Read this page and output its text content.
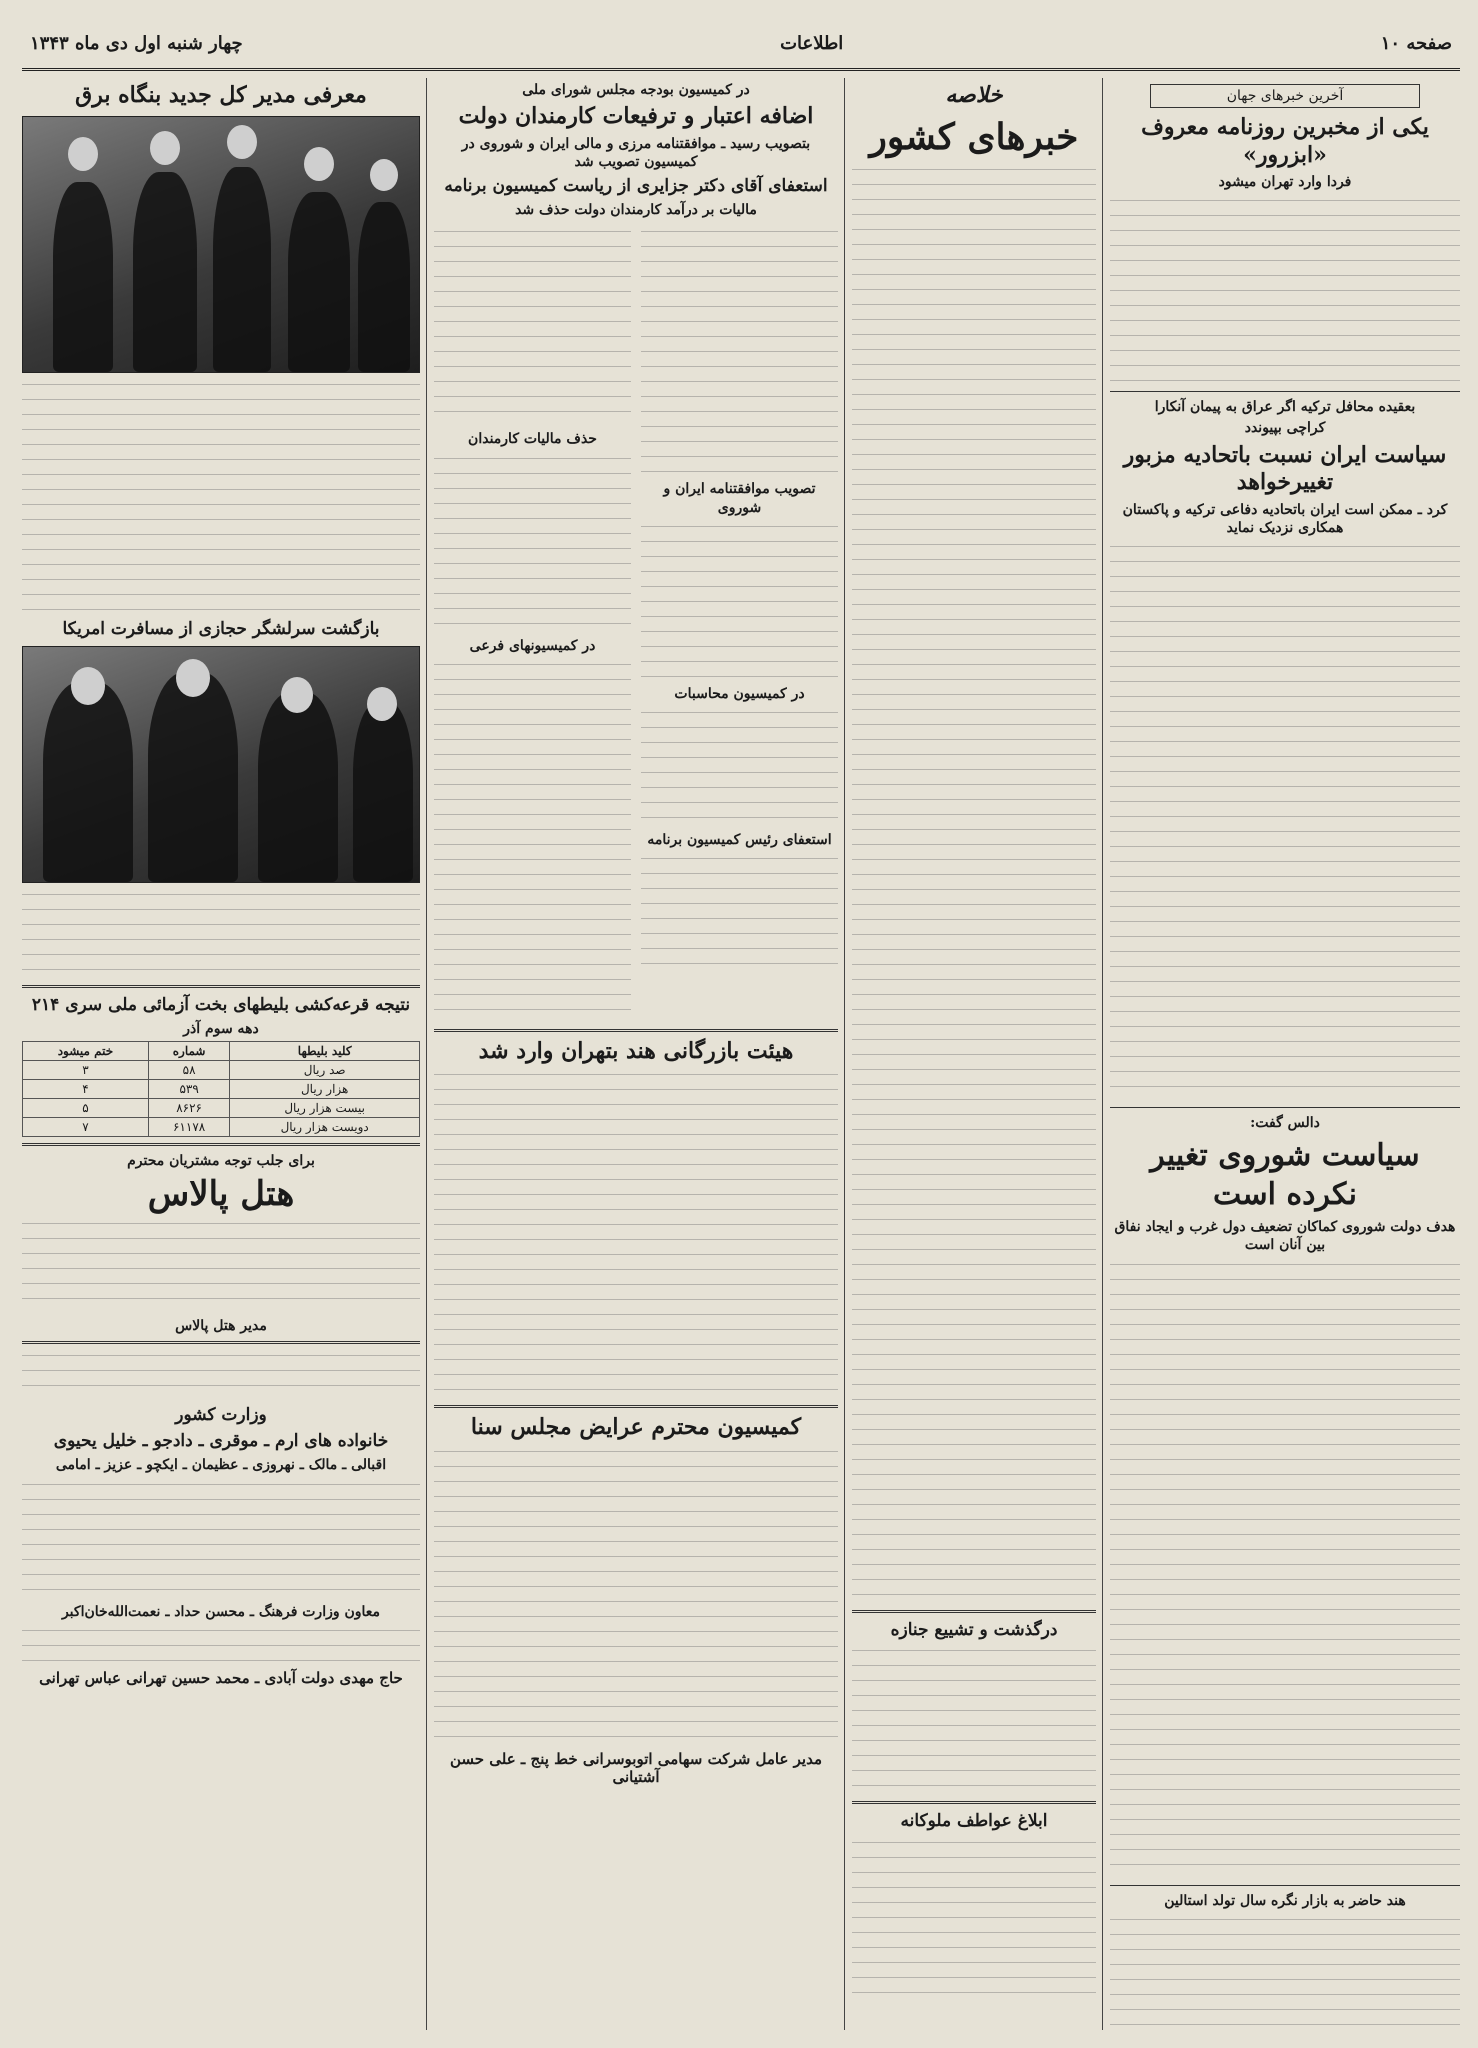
صفحه ۱۰
اطلاعات
چهار شنبه اول دی ماه ۱۳۴۳
آخرین خبرهای جهان
یکی از مخبرین روزنامه معروف «ابزرور»
فردا وارد تهران میشود
بعقیده محافل ترکیه اگر عراق به پیمان آنکارا
کراچی بپیوندد
سیاست ایران نسبت باتحادیه مزبور تغییرخواهد
کرد ـ ممکن است ایران باتحادیه دفاعی ترکیه و پاکستان همکاری نزدیک نماید
دالس گفت:
سیاست شوروی تغییر نکرده است
هدف دولت شوروی کماکان تضعیف دول غرب و ایجاد نفاق بین آنان است
هند حاضر به بازار نگره سال تولد استالین
خلاصه
خبرهای کشور
درگذشت و تشییع جنازه
ابلاغ عواطف ملوکانه
در کمیسیون بودجه مجلس شورای ملی
اضافه اعتبار و ترفیعات کارمندان دولت
بتصویب رسید ـ موافقتنامه مرزی و مالی ایران و شوروی در کمیسیون تصویب شد
استعفای آقای دکتر جزایری از ریاست کمیسیون برنامه
مالیات بر درآمد کارمندان دولت حذف شد
تصویب موافقتنامه ایران و شوروی
در کمیسیون محاسبات
استعفای رئیس کمیسیون برنامه
حذف مالیات کارمندان
در کمیسیونهای فرعی
هیئت بازرگانی هند بتهران وارد شد
کمیسیون محترم عرایض مجلس سنا
مدیر عامل شرکت سهامی اتوبوسرانی خط پنج ـ علی حسن آشتیانی
معرفی مدیر کل جدید بنگاه برق
بازگشت سرلشگر حجازی از مسافرت امریکا
نتیجه قرعه‌کشی بلیطهای بخت آزمائی ملی سری ۲۱۴
دهه سوم آذر
کلید بلیطها	شماره	ختم میشود
صد ریال	۵۸	۳
هزار ریال	۵۳۹	۴
بیست هزار ریال	۸۶۲۶	۵
دویست هزار ریال	۶۱۱۷۸	۷
برای جلب توجه مشتریان محترم
هتل پالاس
مدیر هتل پالاس
وزارت کشور
خانواده های ارم ـ موقری ـ دادجو ـ خلیل یحیوی
اقبالی ـ مالک ـ نهروزی ـ عظیمان ـ ایکچو ـ عزیز ـ امامی
معاون وزارت فرهنگ ـ محسن حداد ـ نعمت‌الله‌خان‌اکبر
حاج مهدی دولت آبادی ـ محمد حسین تهرانی عباس تهرانی
